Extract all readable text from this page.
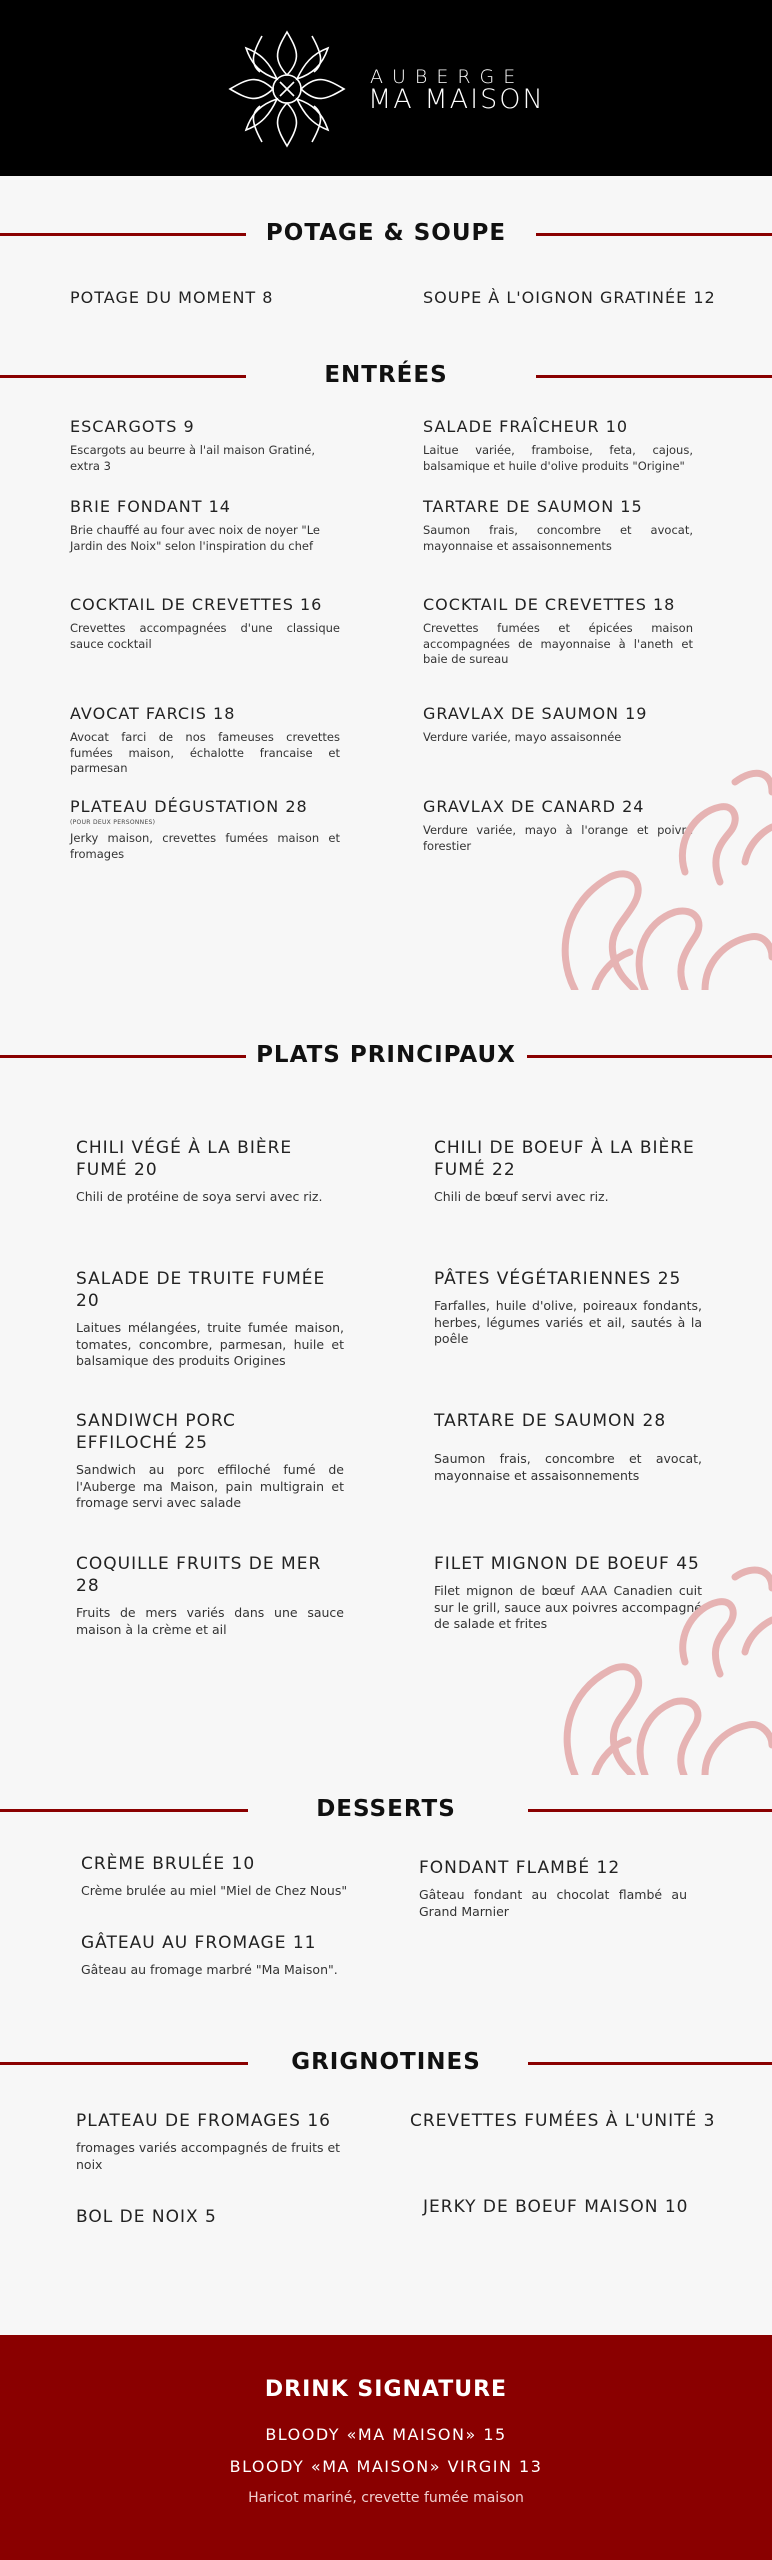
AUBERGE
MA MAISON
POTAGE & SOUPE
POTAGE DU MOMENT 8	SOUPE À L'OIGNON GRATINÉE 12
ENTRÉES
ESCARGOTS 9
Escargots au beurre à l'ail maison Gratiné, extra 3
SALADE FRAÎCHEUR 10
Laitue variée, framboise, feta, cajous, balsamique et huile d'olive produits "Origine"
BRIE FONDANT 14
Brie chauffé au four avec noix de noyer "Le Jardin des Noix" selon l'inspiration du chef
TARTARE DE SAUMON 15
Saumon frais, concombre et avocat, mayonnaise et assaisonnements
COCKTAIL DE CREVETTES 16
Crevettes accompagnées d'une classique sauce cocktail
COCKTAIL DE CREVETTES 18
Crevettes fumées et épicées maison accompagnées de mayonnaise à l'aneth et baie de sureau
AVOCAT FARCIS 18
Avocat farci de nos fameuses crevettes fumées maison, échalotte francaise et parmesan
GRAVLAX DE SAUMON 19
Verdure variée, mayo assaisonnée
PLATEAU DÉGUSTATION 28
(POUR DEUX PERSONNES)
Jerky maison, crevettes fumées maison et fromages
GRAVLAX DE CANARD 24
Verdure variée, mayo à l'orange et poivre forestier
PLATS PRINCIPAUX
CHILI VÉGÉ À LA BIÈRE FUMÉ 20
Chili de protéine de soya servi avec riz.
CHILI DE BOEUF À LA BIÈRE FUMÉ 22
Chili de bœuf servi avec riz.
SALADE DE TRUITE FUMÉE 20
Laitues mélangées, truite fumée maison, tomates, concombre, parmesan, huile et balsamique des produits Origines
PÂTES VÉGÉTARIENNES 25
Farfalles, huile d'olive, poireaux fondants, herbes, légumes variés et ail, sautés à la poêle
SANDIWCH PORC EFFILOCHÉ 25
Sandwich au porc effiloché fumé de l'Auberge ma Maison, pain multigrain et fromage servi avec salade
TARTARE DE SAUMON 28
Saumon frais, concombre et avocat, mayonnaise et assaisonnements
COQUILLE FRUITS DE MER 28
Fruits de mers variés dans une sauce maison à la crème et ail
FILET MIGNON DE BOEUF 45
Filet mignon de bœuf AAA Canadien cuit sur le grill, sauce aux poivres accompagné de salade et frites
DESSERTS
CRÈME BRULÉE 10
Crème brulée au miel "Miel de Chez Nous"
FONDANT FLAMBÉ 12
Gâteau fondant au chocolat flambé au Grand Marnier
GÂTEAU AU FROMAGE 11
Gâteau au fromage marbré "Ma Maison".
GRIGNOTINES
PLATEAU DE FROMAGES 16
fromages variés accompagnés de fruits et noix
CREVETTES FUMÉES À L'UNITÉ 3
BOL DE NOIX 5	JERKY DE BOEUF MAISON 10
DRINK SIGNATURE
BLOODY «MA MAISON» 15
BLOODY «MA MAISON» VIRGIN 13
Haricot mariné, crevette fumée maison
